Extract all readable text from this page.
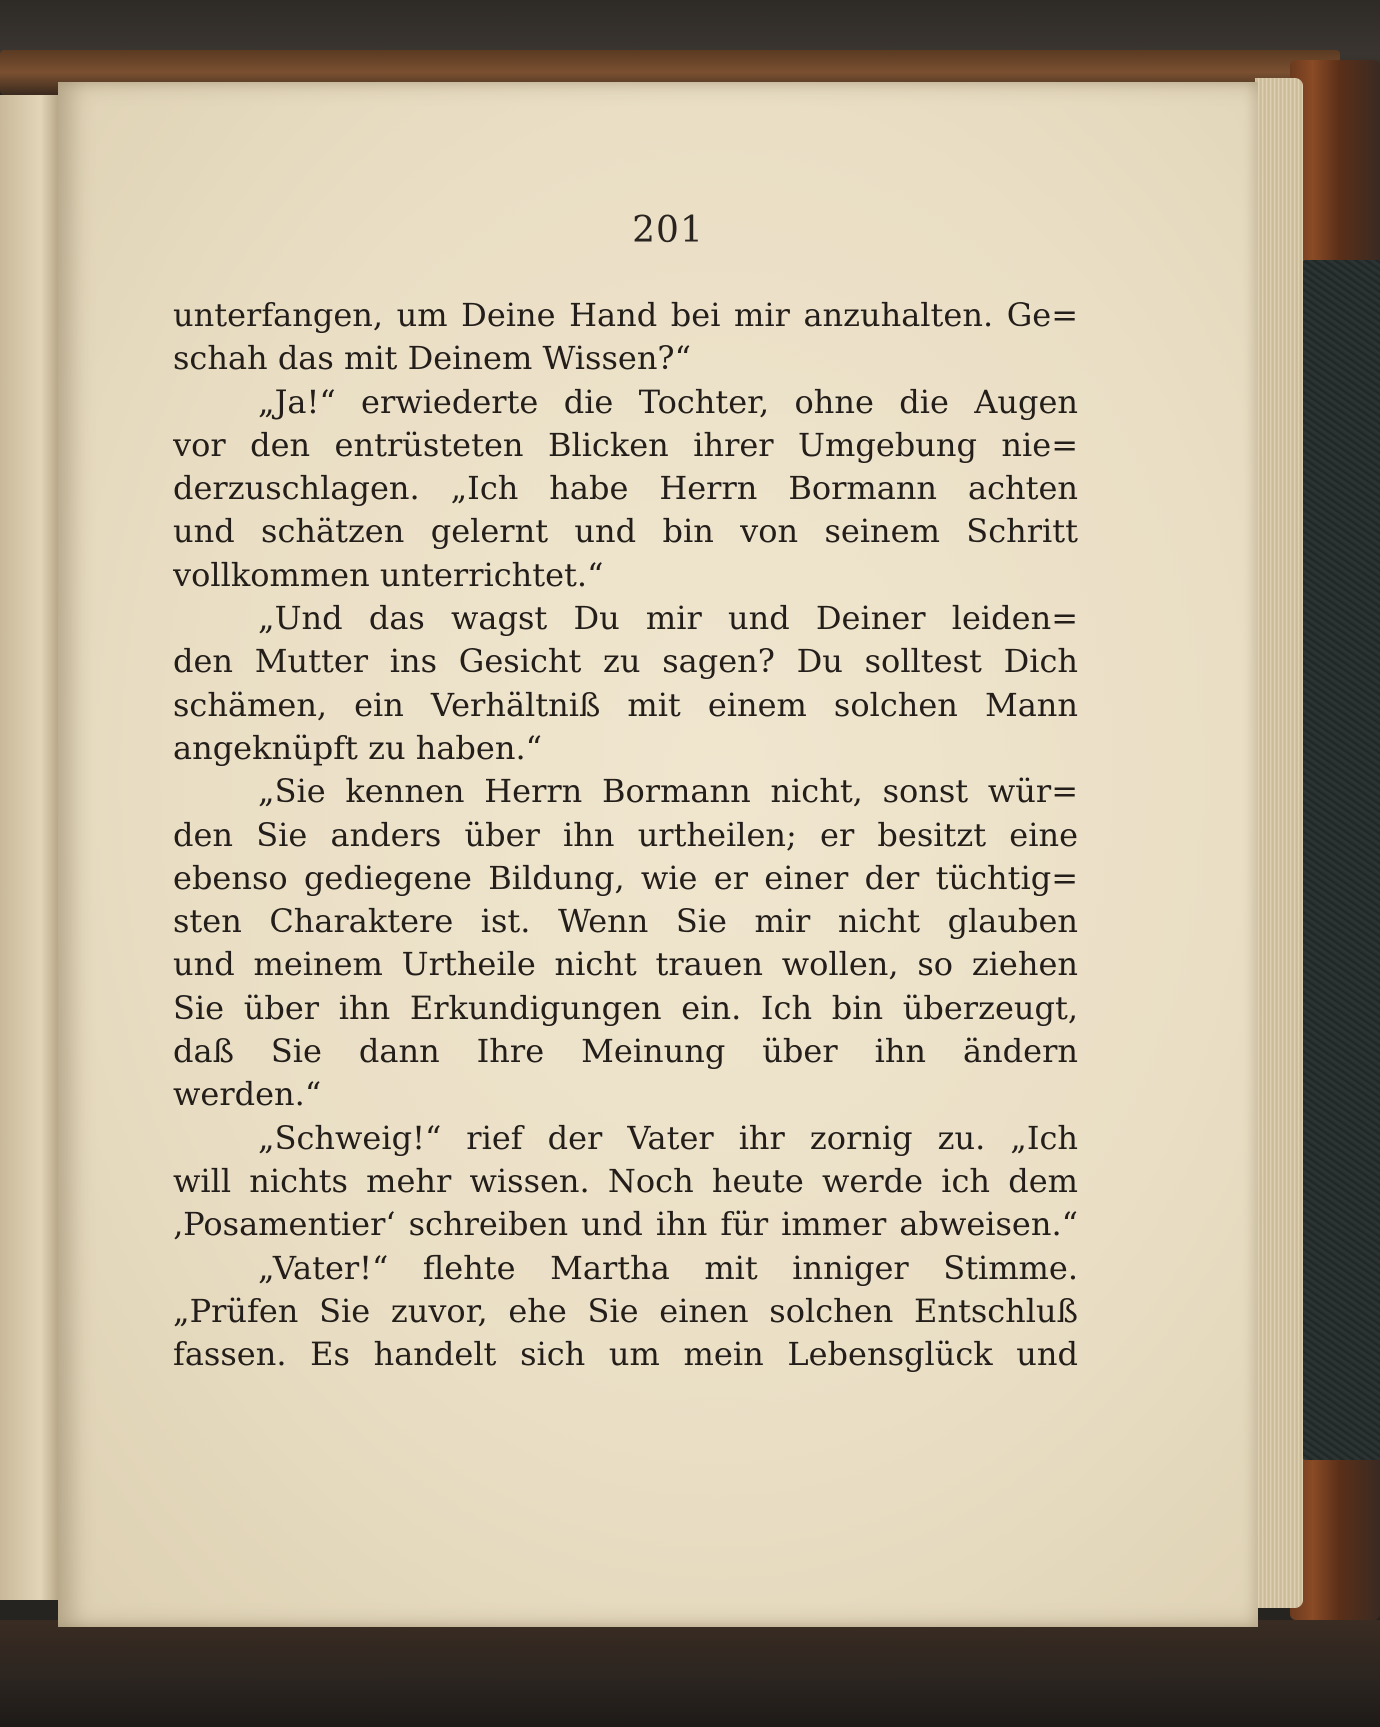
201
unterfangen, um Deine Hand bei mir anzuhalten. Ge=
schah das mit Deinem Wissen?“
„Ja!“ erwiederte die Tochter, ohne die Augen
vor den entrüsteten Blicken ihrer Umgebung nie=
derzuschlagen. „Ich habe Herrn Bormann achten
und schätzen gelernt und bin von seinem Schritt
vollkommen unterrichtet.“
„Und das wagst Du mir und Deiner leiden=
den Mutter ins Gesicht zu sagen? Du solltest Dich
schämen, ein Verhältniß mit einem solchen Mann
angeknüpft zu haben.“
„Sie kennen Herrn Bormann nicht, sonst wür=
den Sie anders über ihn urtheilen; er besitzt eine
ebenso gediegene Bildung, wie er einer der tüchtig=
sten Charaktere ist. Wenn Sie mir nicht glauben
und meinem Urtheile nicht trauen wollen, so ziehen
Sie über ihn Erkundigungen ein. Ich bin überzeugt,
daß Sie dann Ihre Meinung über ihn ändern
werden.“
„Schweig!“ rief der Vater ihr zornig zu. „Ich
will nichts mehr wissen. Noch heute werde ich dem
‚Posamentier‘ schreiben und ihn für immer abweisen.“
„Vater!“ flehte Martha mit inniger Stimme.
„Prüfen Sie zuvor, ehe Sie einen solchen Entschluß
fassen. Es handelt sich um mein Lebensglück und
